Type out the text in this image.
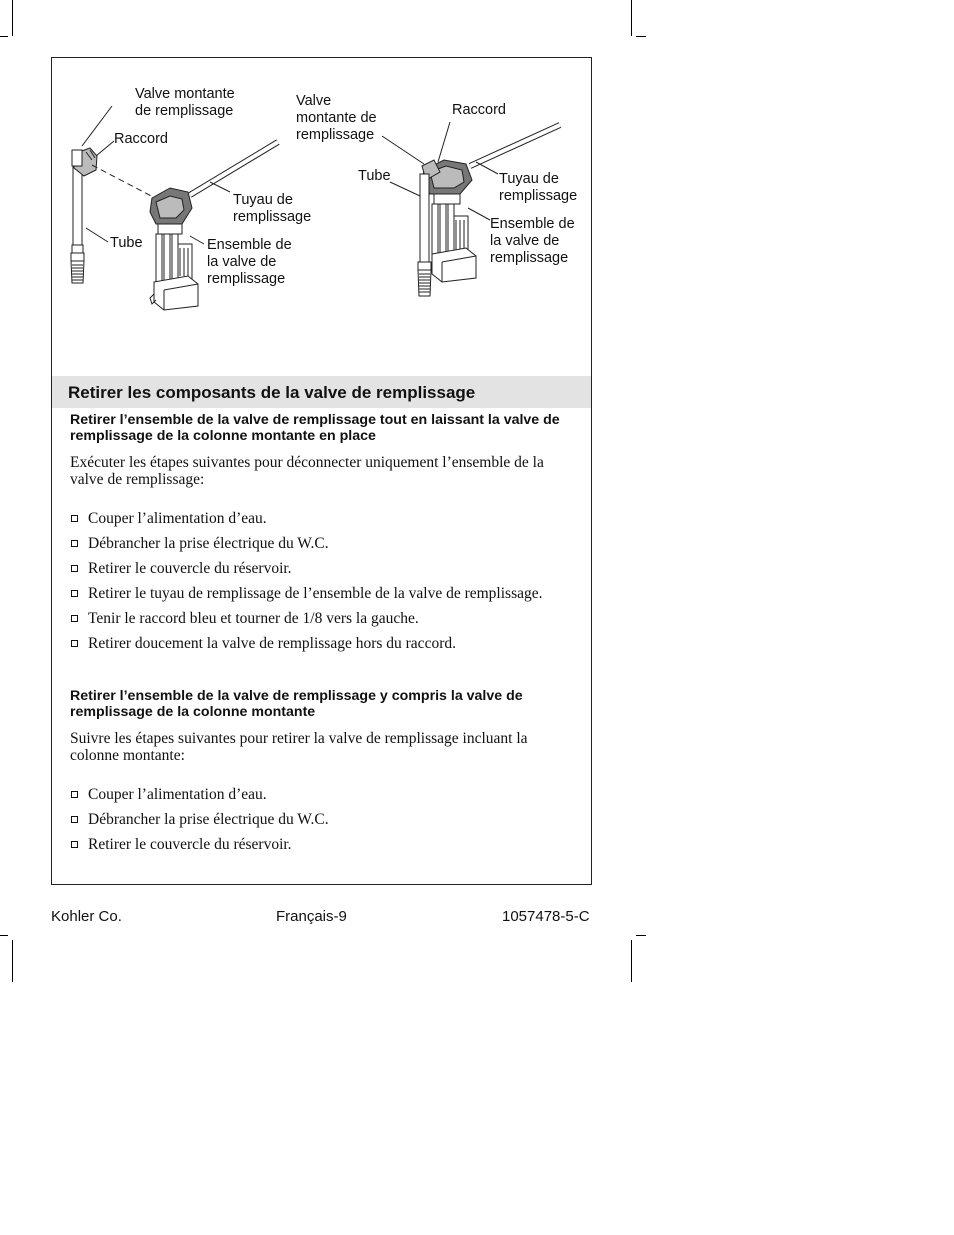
Valve montante
de remplissage
Raccord
Tuyau de
remplissage
Tube	Ensemble de
la valve de
remplissage
Valve
montante de
remplissage
Raccord
Tube	Tuyau de
remplissage
Ensemble de
la valve de
remplissage
Retirer les composants de la valve de remplissage
Retirer l’ensemble de la valve de remplissage tout en laissant la valve de remplissage de la colonne montante en place
Exécuter les étapes suivantes pour déconnecter uniquement l’ensemble de la valve de remplissage:
Couper l’alimentation d’eau.
Débrancher la prise électrique du W.C.
Retirer le couvercle du réservoir.
Retirer le tuyau de remplissage de l’ensemble de la valve de remplissage.
Tenir le raccord bleu et tourner de 1/8 vers la gauche.
Retirer doucement la valve de remplissage hors du raccord.
Retirer l’ensemble de la valve de remplissage y compris la valve de remplissage de la colonne montante
Suivre les étapes suivantes pour retirer la valve de remplissage incluant la colonne montante:
Couper l’alimentation d’eau.
Débrancher la prise électrique du W.C.
Retirer le couvercle du réservoir.
Kohler Co.	Français-9	1057478-5-C
